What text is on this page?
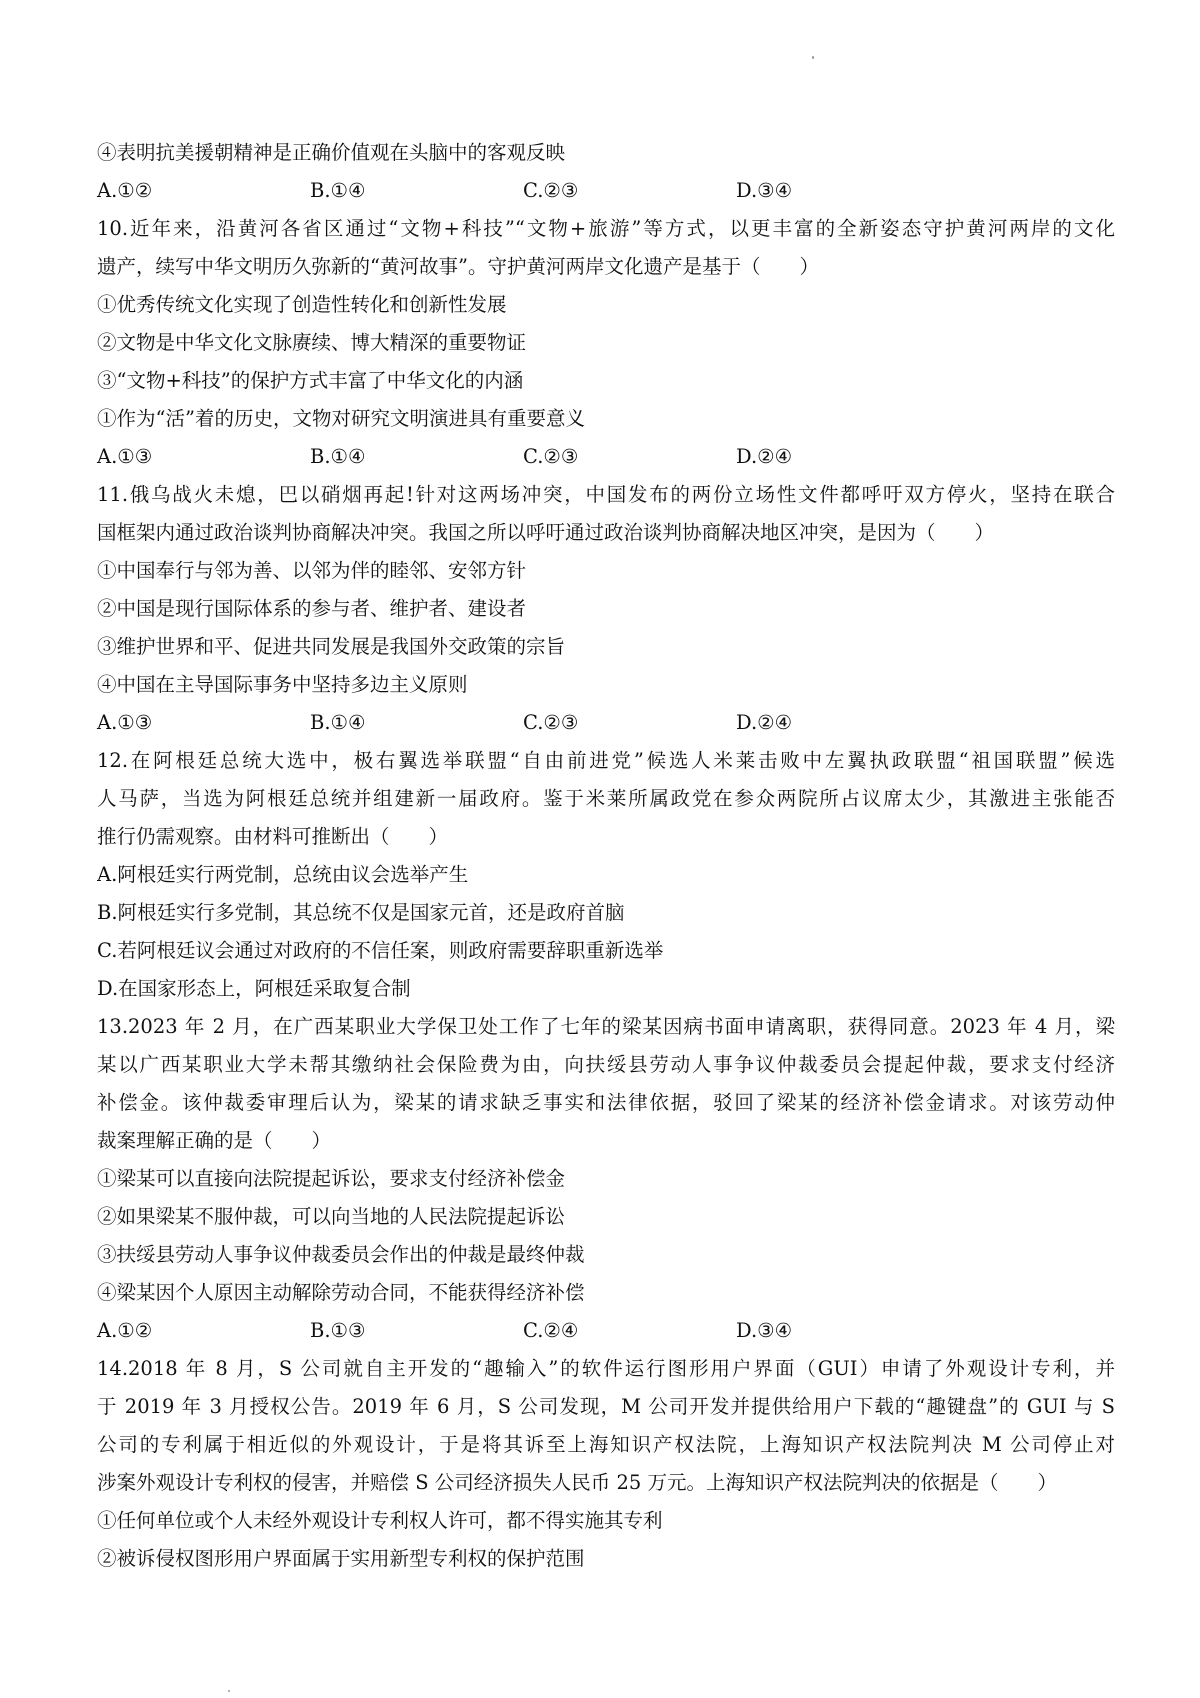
④表明抗美援朝精神是正确价值观在头脑中的客观反映
A.①②	B.①④	C.②③	D.③④
10.近年来，沿黄河各省区通过“文物+科技”“文物+旅游”等方式，以更丰富的全新姿态守护黄河两岸的文化
遗产，续写中华文明历久弥新的“黄河故事”。守护黄河两岸文化遗产是基于（　　）
①优秀传统文化实现了创造性转化和创新性发展
②文物是中华文化文脉赓续、博大精深的重要物证
③“文物+科技”的保护方式丰富了中华文化的内涵
①作为“活”着的历史，文物对研究文明演进具有重要意义
A.①③	B.①④	C.②③	D.②④
11.俄乌战火未熄，巴以硝烟再起!针对这两场冲突，中国发布的两份立场性文件都呼吁双方停火，坚持在联合
国框架内通过政治谈判协商解决冲突。我国之所以呼吁通过政治谈判协商解决地区冲突，是因为（　　）
①中国奉行与邻为善、以邻为伴的睦邻、安邻方针
②中国是现行国际体系的参与者、维护者、建设者
③维护世界和平、促进共同发展是我国外交政策的宗旨
④中国在主导国际事务中坚持多边主义原则
A.①③	B.①④	C.②③	D.②④
12.在阿根廷总统大选中，极右翼选举联盟“自由前进党”候选人米莱击败中左翼执政联盟“祖国联盟”候选
人马萨，当选为阿根廷总统并组建新一届政府。鉴于米莱所属政党在参众两院所占议席太少，其激进主张能否
推行仍需观察。由材料可推断出（　　）
A.阿根廷实行两党制，总统由议会选举产生
B.阿根廷实行多党制，其总统不仅是国家元首，还是政府首脑
C.若阿根廷议会通过对政府的不信任案，则政府需要辞职重新选举
D.在国家形态上，阿根廷采取复合制
13.2023 年 2 月，在广西某职业大学保卫处工作了七年的梁某因病书面申请离职，获得同意。2023 年 4 月，梁
某以广西某职业大学未帮其缴纳社会保险费为由，向扶绥县劳动人事争议仲裁委员会提起仲裁，要求支付经济
补偿金。该仲裁委审理后认为，梁某的请求缺乏事实和法律依据，驳回了梁某的经济补偿金请求。对该劳动仲
裁案理解正确的是（　　）
①梁某可以直接向法院提起诉讼，要求支付经济补偿金
②如果梁某不服仲裁，可以向当地的人民法院提起诉讼
③扶绥县劳动人事争议仲裁委员会作出的仲裁是最终仲裁
④梁某因个人原因主动解除劳动合同，不能获得经济补偿
A.①②	B.①③	C.②④	D.③④
14.2018 年 8 月，S 公司就自主开发的“趣输入”的软件运行图形用户界面（GUI）申请了外观设计专利，并
于 2019 年 3 月授权公告。2019 年 6 月，S 公司发现，M 公司开发并提供给用户下载的“趣键盘”的 GUI 与 S
公司的专利属于相近似的外观设计，于是将其诉至上海知识产权法院，上海知识产权法院判决 M 公司停止对
涉案外观设计专利权的侵害，并赔偿 S 公司经济损失人民币 25 万元。上海知识产权法院判决的依据是（　　）
①任何单位或个人未经外观设计专利权人许可，都不得实施其专利
②被诉侵权图形用户界面属于实用新型专利权的保护范围
